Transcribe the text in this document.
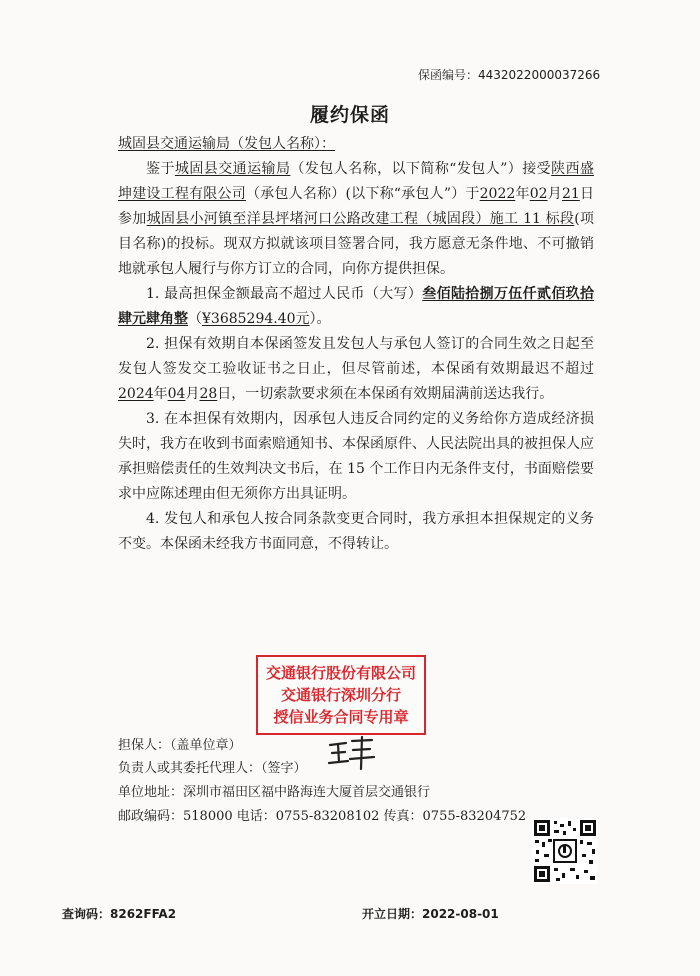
保函编号：4432022000037266
履约保函
城固县交通运输局（发包人名称）：
鉴于城固县交通运输局（发包人名称，以下简称“发包人”）接受陕西盛坤建设工程有限公司（承包人名称）(以下称“承包人”）于2022年02月21日参加城固县小河镇至洋县坪堵河口公路改建工程（城固段）施工 11 标段(项目名称)的投标。现双方拟就该项目签署合同，我方愿意无条件地、不可撤销地就承包人履行与你方订立的合同，向你方提供担保。
1. 最高担保金额最高不超过人民币（大写）叁佰陆拾捌万伍仟贰佰玖拾肆元肆角整（¥3685294.40元）。
2. 担保有效期自本保函签发且发包人与承包人签订的合同生效之日起至发包人签发交工验收证书之日止，但尽管前述，本保函有效期最迟不超过2024年04月28日，一切索款要求须在本保函有效期届满前送达我行。
3. 在本担保有效期内，因承包人违反合同约定的义务给你方造成经济损失时，我方在收到书面索赔通知书、本保函原件、人民法院出具的被担保人应承担赔偿责任的生效判决文书后，在 15 个工作日内无条件支付，书面赔偿要求中应陈述理由但无须你方出具证明。
4. 发包人和承包人按合同条款变更合同时，我方承担本担保规定的义务不变。本保函未经我方书面同意，不得转让。
交通银行股份有限公司
交通银行深圳分行
授信业务合同专用章
担保人：（盖单位章）
负责人或其委托代理人：（签字）
单位地址：深圳市福田区福中路海连大厦首层交通银行
邮政编码：518000 电话：0755-83208102 传真：0755-83204752
查询码：8262FFA2	开立日期：2022-08-01
